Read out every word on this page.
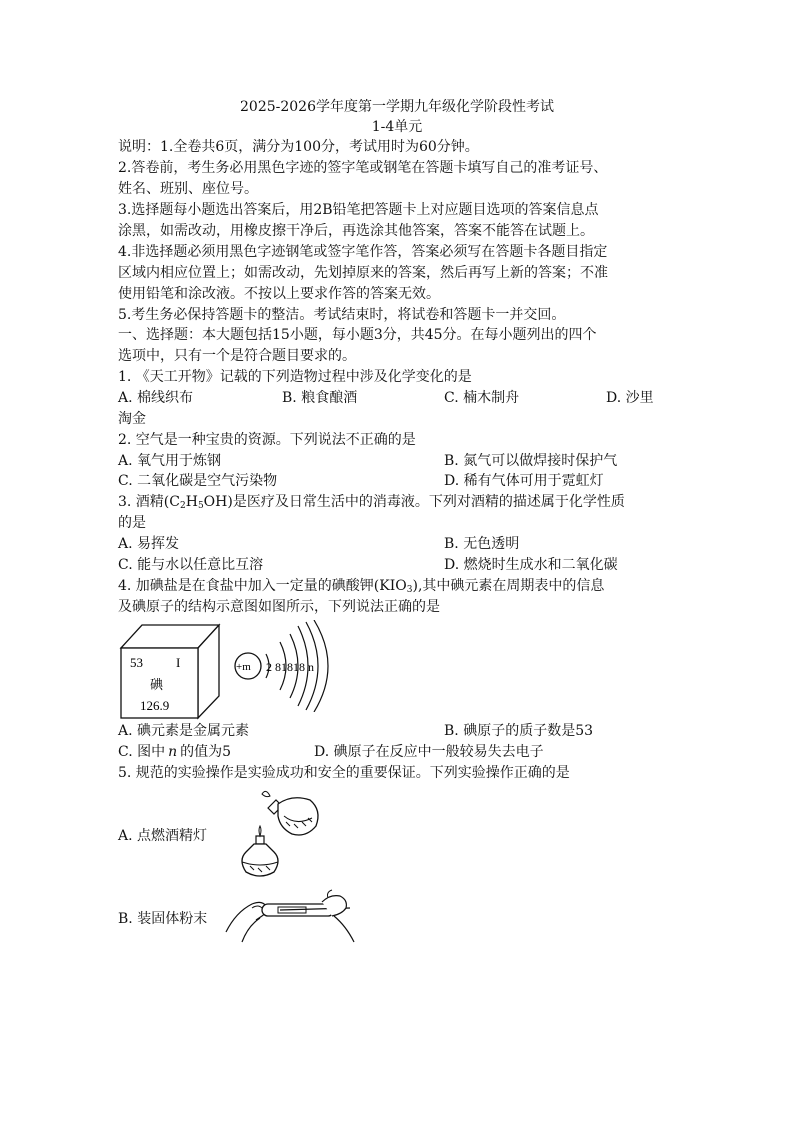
2025-2026学年度第一学期九年级化学阶段性考试
1-4单元
说明：1.全卷共6页，满分为100分，考试用时为60分钟。
2.答卷前，考生务必用黑色字迹的签字笔或钢笔在答题卡填写自己的准考证号、
姓名、班别、座位号。
3.选择题每小题选出答案后，用2B铅笔把答题卡上对应题目选项的答案信息点
涂黑，如需改动，用橡皮擦干净后，再选涂其他答案，答案不能答在试题上。
4.非选择题必须用黑色字迹钢笔或签字笔作答，答案必须写在答题卡各题目指定
区域内相应位置上；如需改动，先划掉原来的答案，然后再写上新的答案；不准
使用铅笔和涂改液。不按以上要求作答的答案无效。
5.考生务必保持答题卡的整洁。考试结束时，将试卷和答题卡一并交回。
一、选择题：本大题包括15小题，每小题3分，共45分。在每小题列出的四个
选项中，只有一个是符合题目要求的。
1. 《天工开物》记载的下列造物过程中涉及化学变化的是
A. 棉线织布	B. 粮食酿酒	C. 楠木制舟	D. 沙里
淘金
2. 空气是一种宝贵的资源。下列说法不正确的是
A. 氧气用于炼钢	B. 氮气可以做焊接时保护气
C. 二氧化碳是空气污染物	D. 稀有气体可用于霓虹灯
3. 酒精$(C_2H_5OH)$是医疗及日常生活中的消毒液。下列对酒精的描述属于化学性质
的是
A. 易挥发	B. 无色透明
C. 能与水以任意比互溶	D. 燃烧时生成水和二氧化碳
4. 加碘盐是在食盐中加入一定量的碘酸钾$(KIO_3)$,其中碘元素在周期表中的信息
及碘原子的结构示意图如图所示，下列说法正确的是
53	I
碘
126.9
+m 2 81818 n
A. 碘元素是金属元素	B. 碘原子的质子数是53
C. 图中 n 的值为5	D. 碘原子在反应中一般较易失去电子
5. 规范的实验操作是实验成功和安全的重要保证。下列实验操作正确的是
A. 点燃酒精灯
B. 装固体粉末
